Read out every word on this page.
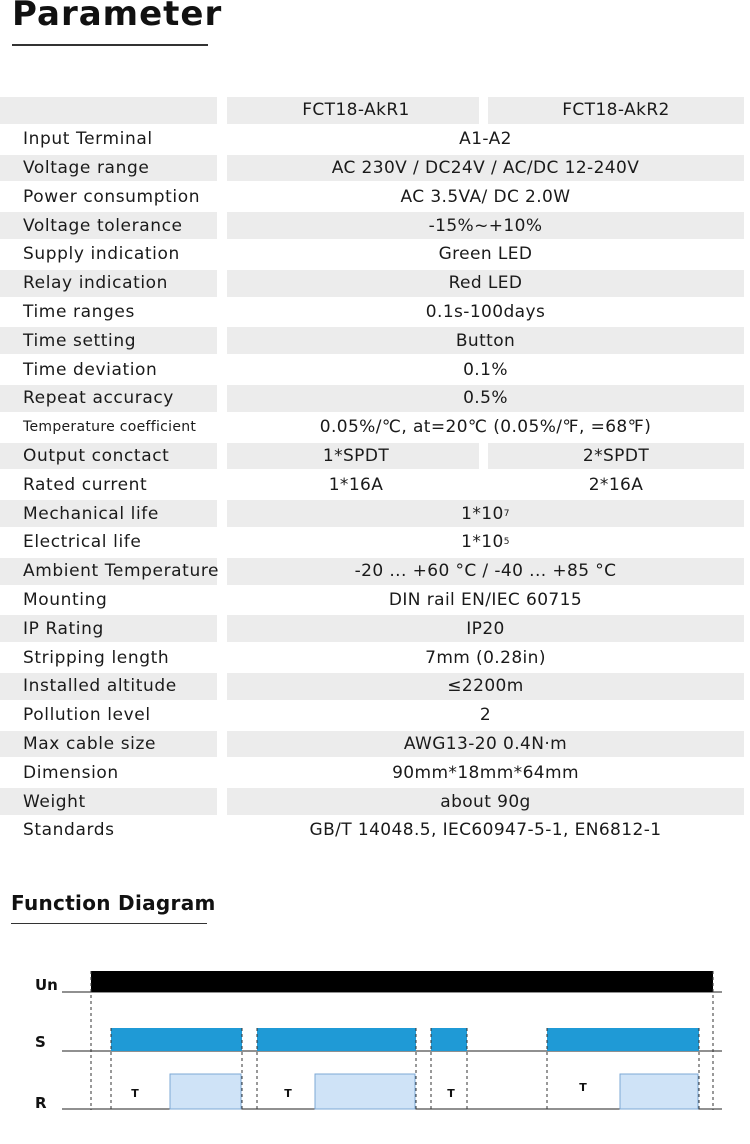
Parameter
FCT18-AkR1	FCT18-AkR2
Input Terminal	A1-A2
Voltage range	AC 230V / DC24V / AC/DC 12-240V
Power consumption	AC 3.5VA/ DC 2.0W
Voltage tolerance	-15%~+10%
Supply indication	Green LED
Relay indication	Red LED
Time ranges	0.1s-100days
Time setting	Button
Time deviation	0.1%
Repeat accuracy	0.5%
Temperature coefficient	0.05%/℃, at=20℃ (0.05%/℉, =68℉)
Output conctact	1*SPDT	2*SPDT
Rated current	1*16A	2*16A
Mechanical life	1*10 7
Electrical life	1*10 5
Ambient Temperature	-20 ... +60 °C / -40 ... +85 °C
Mounting	DIN rail EN/IEC 60715
IP Rating	IP20
Stripping length	7mm (0.28in)
Installed altitude	≤2200m
Pollution level	2
Max cable size	AWG13-20 0.4N·m
Dimension	90mm*18mm*64mm
Weight	about 90g
Standards	GB/T 14048.5, IEC60947-5-1, EN6812-1
Function Diagram
Un
S
R
T	T	T	T
